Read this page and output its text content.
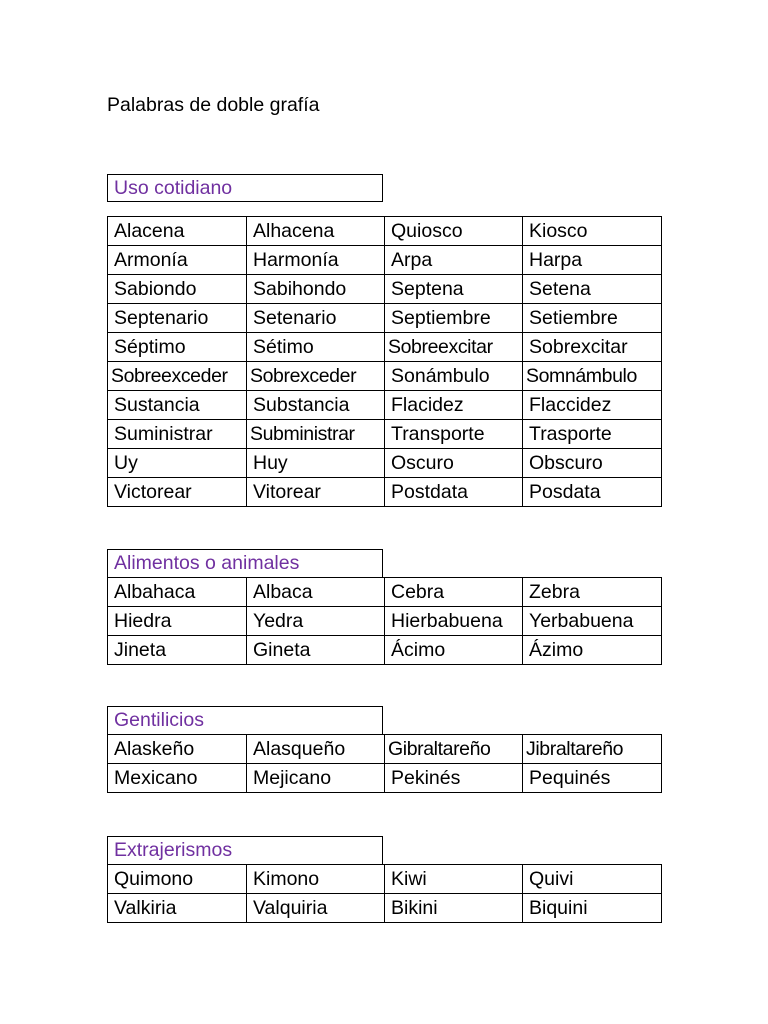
Palabras de doble grafía
Uso cotidiano
Alacena	Alhacena	Quiosco	Kiosco
Armonía	Harmonía	Arpa	Harpa
Sabiondo	Sabihondo	Septena	Setena
Septenario	Setenario	Septiembre	Setiembre
Séptimo	Sétimo	Sobreexcitar	Sobrexcitar
Sobreexceder	Sobrexceder	Sonámbulo	Somnámbulo
Sustancia	Substancia	Flacidez	Flaccidez
Suministrar	Subministrar	Transporte	Trasporte
Uy	Huy	Oscuro	Obscuro
Victorear	Vitorear	Postdata	Posdata
Alimentos o animales
Albahaca	Albaca	Cebra	Zebra
Hiedra	Yedra	Hierbabuena	Yerbabuena
Jineta	Gineta	Ácimo	Ázimo
Gentilicios
Alaskeño	Alasqueño	Gibraltareño	Jibraltareño
Mexicano	Mejicano	Pekinés	Pequinés
Extrajerismos
Quimono	Kimono	Kiwi	Quivi
Valkiria	Valquiria	Bikini	Biquini
